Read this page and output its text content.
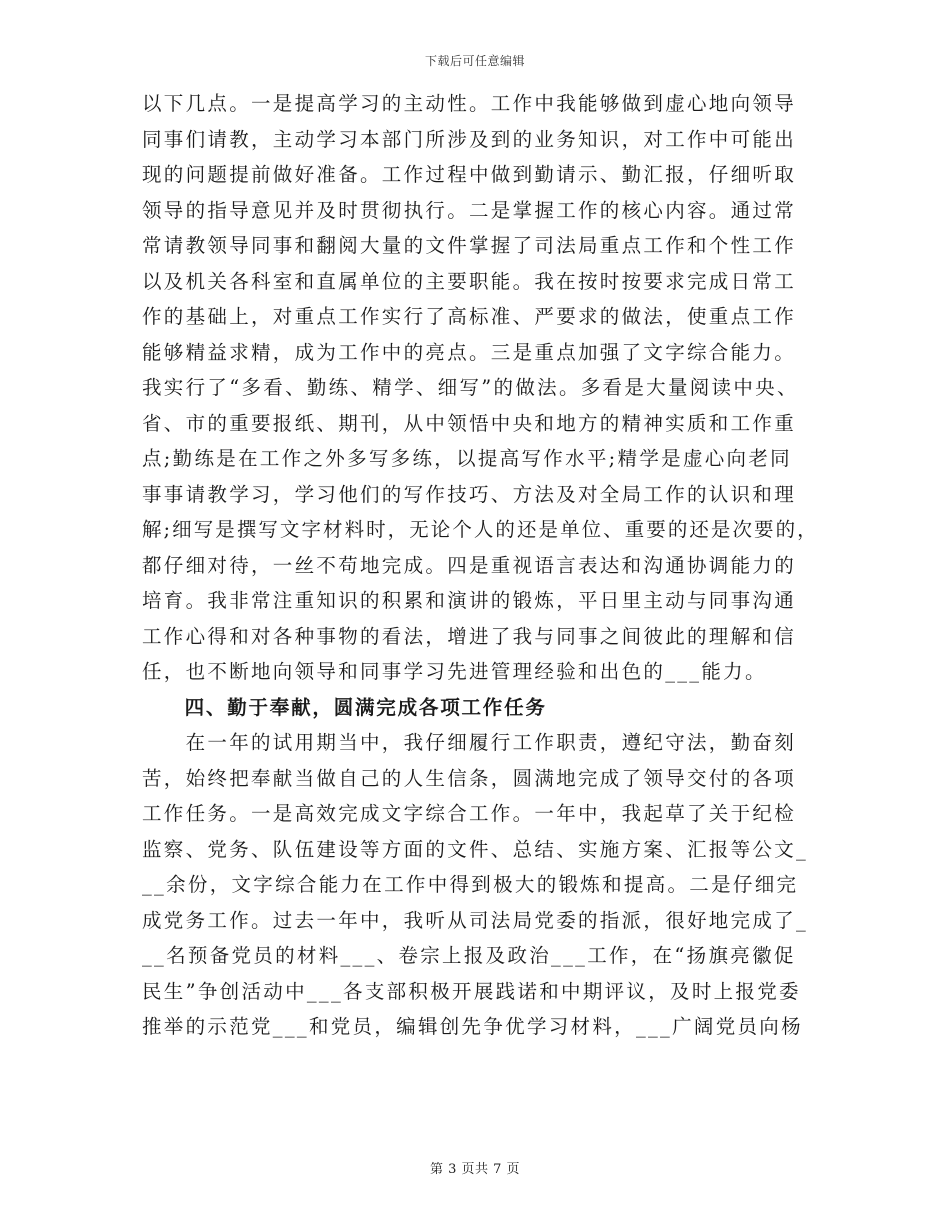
下载后可任意编辑
以下几点。一是提高学习的主动性。工作中我能够做到虚心地向领导
同事们请教，主动学习本部门所涉及到的业务知识，对工作中可能出
现的问题提前做好准备。工作过程中做到勤请示、勤汇报，仔细听取
领导的指导意见并及时贯彻执行。二是掌握工作的核心内容。通过常
常请教领导同事和翻阅大量的文件掌握了司法局重点工作和个性工作
以及机关各科室和直属单位的主要职能。我在按时按要求完成日常工
作的基础上，对重点工作实行了高标准、严要求的做法，使重点工作
能够精益求精，成为工作中的亮点。三是重点加强了文字综合能力。
我实行了“多看、勤练、精学、细写”的做法。多看是大量阅读中央、
省、市的重要报纸、期刊，从中领悟中央和地方的精神实质和工作重
点;勤练是在工作之外多写多练，以提高写作水平;精学是虚心向老同
事事请教学习，学习他们的写作技巧、方法及对全局工作的认识和理
解;细写是撰写文字材料时，无论个人的还是单位、重要的还是次要的，
都仔细对待，一丝不苟地完成。四是重视语言表达和沟通协调能力的
培育。我非常注重知识的积累和演讲的锻炼，平日里主动与同事沟通
工作心得和对各种事物的看法，增进了我与同事之间彼此的理解和信
任，也不断地向领导和同事学习先进管理经验和出色的___能力。
　　四、勤于奉献，圆满完成各项工作任务
　　在一年的试用期当中，我仔细履行工作职责，遵纪守法，勤奋刻
苦，始终把奉献当做自己的人生信条，圆满地完成了领导交付的各项
工作任务。一是高效完成文字综合工作。一年中，我起草了关于纪检
监察、党务、队伍建设等方面的文件、总结、实施方案、汇报等公文_
__余份，文字综合能力在工作中得到极大的锻炼和提高。二是仔细完
成党务工作。过去一年中，我听从司法局党委的指派，很好地完成了_
__名预备党员的材料___、卷宗上报及政治___工作，在“扬旗亮徽促
民生”争创活动中___各支部积极开展践诺和中期评议，及时上报党委
推举的示范党___和党员，编辑创先争优学习材料，___广阔党员向杨
第 3 页共 7 页
